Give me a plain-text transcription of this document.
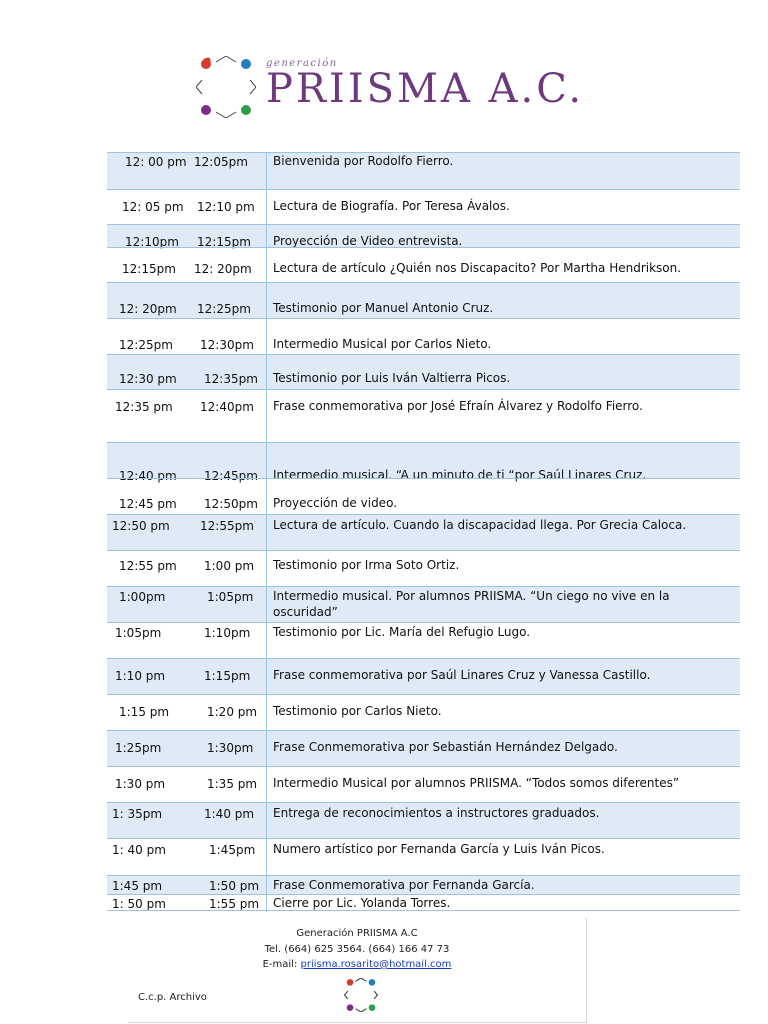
generación
PRIISMA A.C.
12: 00 pm 12:05pm Bienvenida por Rodolfo Fierro.
12: 05 pm 12:10 pm Lectura de Biografía. Por Teresa Ávalos.
12:10pm 12:15pm Proyección de Video entrevista.
12:15pm 12: 20pm Lectura de artículo ¿Quién nos Discapacito? Por Martha Hendrikson.
12: 20pm 12:25pm Testimonio por Manuel Antonio Cruz.
12:25pm 12:30pm Intermedio Musical por Carlos Nieto.
12:30 pm 12:35pm Testimonio por Luis Iván Valtierra Picos.
12:35 pm 12:40pm Frase conmemorativa por José Efraín Álvarez y Rodolfo Fierro.
12:40 pm 12:45pm Intermedio musical. “A un minuto de ti “por Saúl Linares Cruz.
12:45 pm 12:50pm Proyección de video.
12:50 pm	12:55pm Lectura de artículo. Cuando la discapacidad llega. Por Grecia Caloca.
12:55 pm 1:00 pm Testimonio por Irma Soto Ortiz.
1:00pm	1:05pm Intermedio musical. Por alumnos PRIISMA. “Un ciego no vive en la oscuridad”
1:05pm	1:10pm Testimonio por Lic. María del Refugio Lugo.
1:10 pm	1:15pm Frase conmemorativa por Saúl Linares Cruz y Vanessa Castillo.
1:15 pm	1:20 pm Testimonio por Carlos Nieto.
1:25pm	1:30pm Frase Conmemorativa por Sebastián Hernández Delgado.
1:30 pm	1:35 pm Intermedio Musical por alumnos PRIISMA. “Todos somos diferentes”
1: 35pm	1:40 pm Entrega de reconocimientos a instructores graduados.
1: 40 pm	1:45pm Numero artístico por Fernanda García y Luis Iván Picos.
1:45 pm	1:50 pm Frase Conmemorativa por Fernanda García.
1: 50 pm	1:55 pm Cierre por Lic. Yolanda Torres.
Generación PRIISMA A.C
Tel. (664) 625 3564. (664) 166 47 73
E-mail: priisma.rosarito@hotmail.com
C.c.p. Archivo
